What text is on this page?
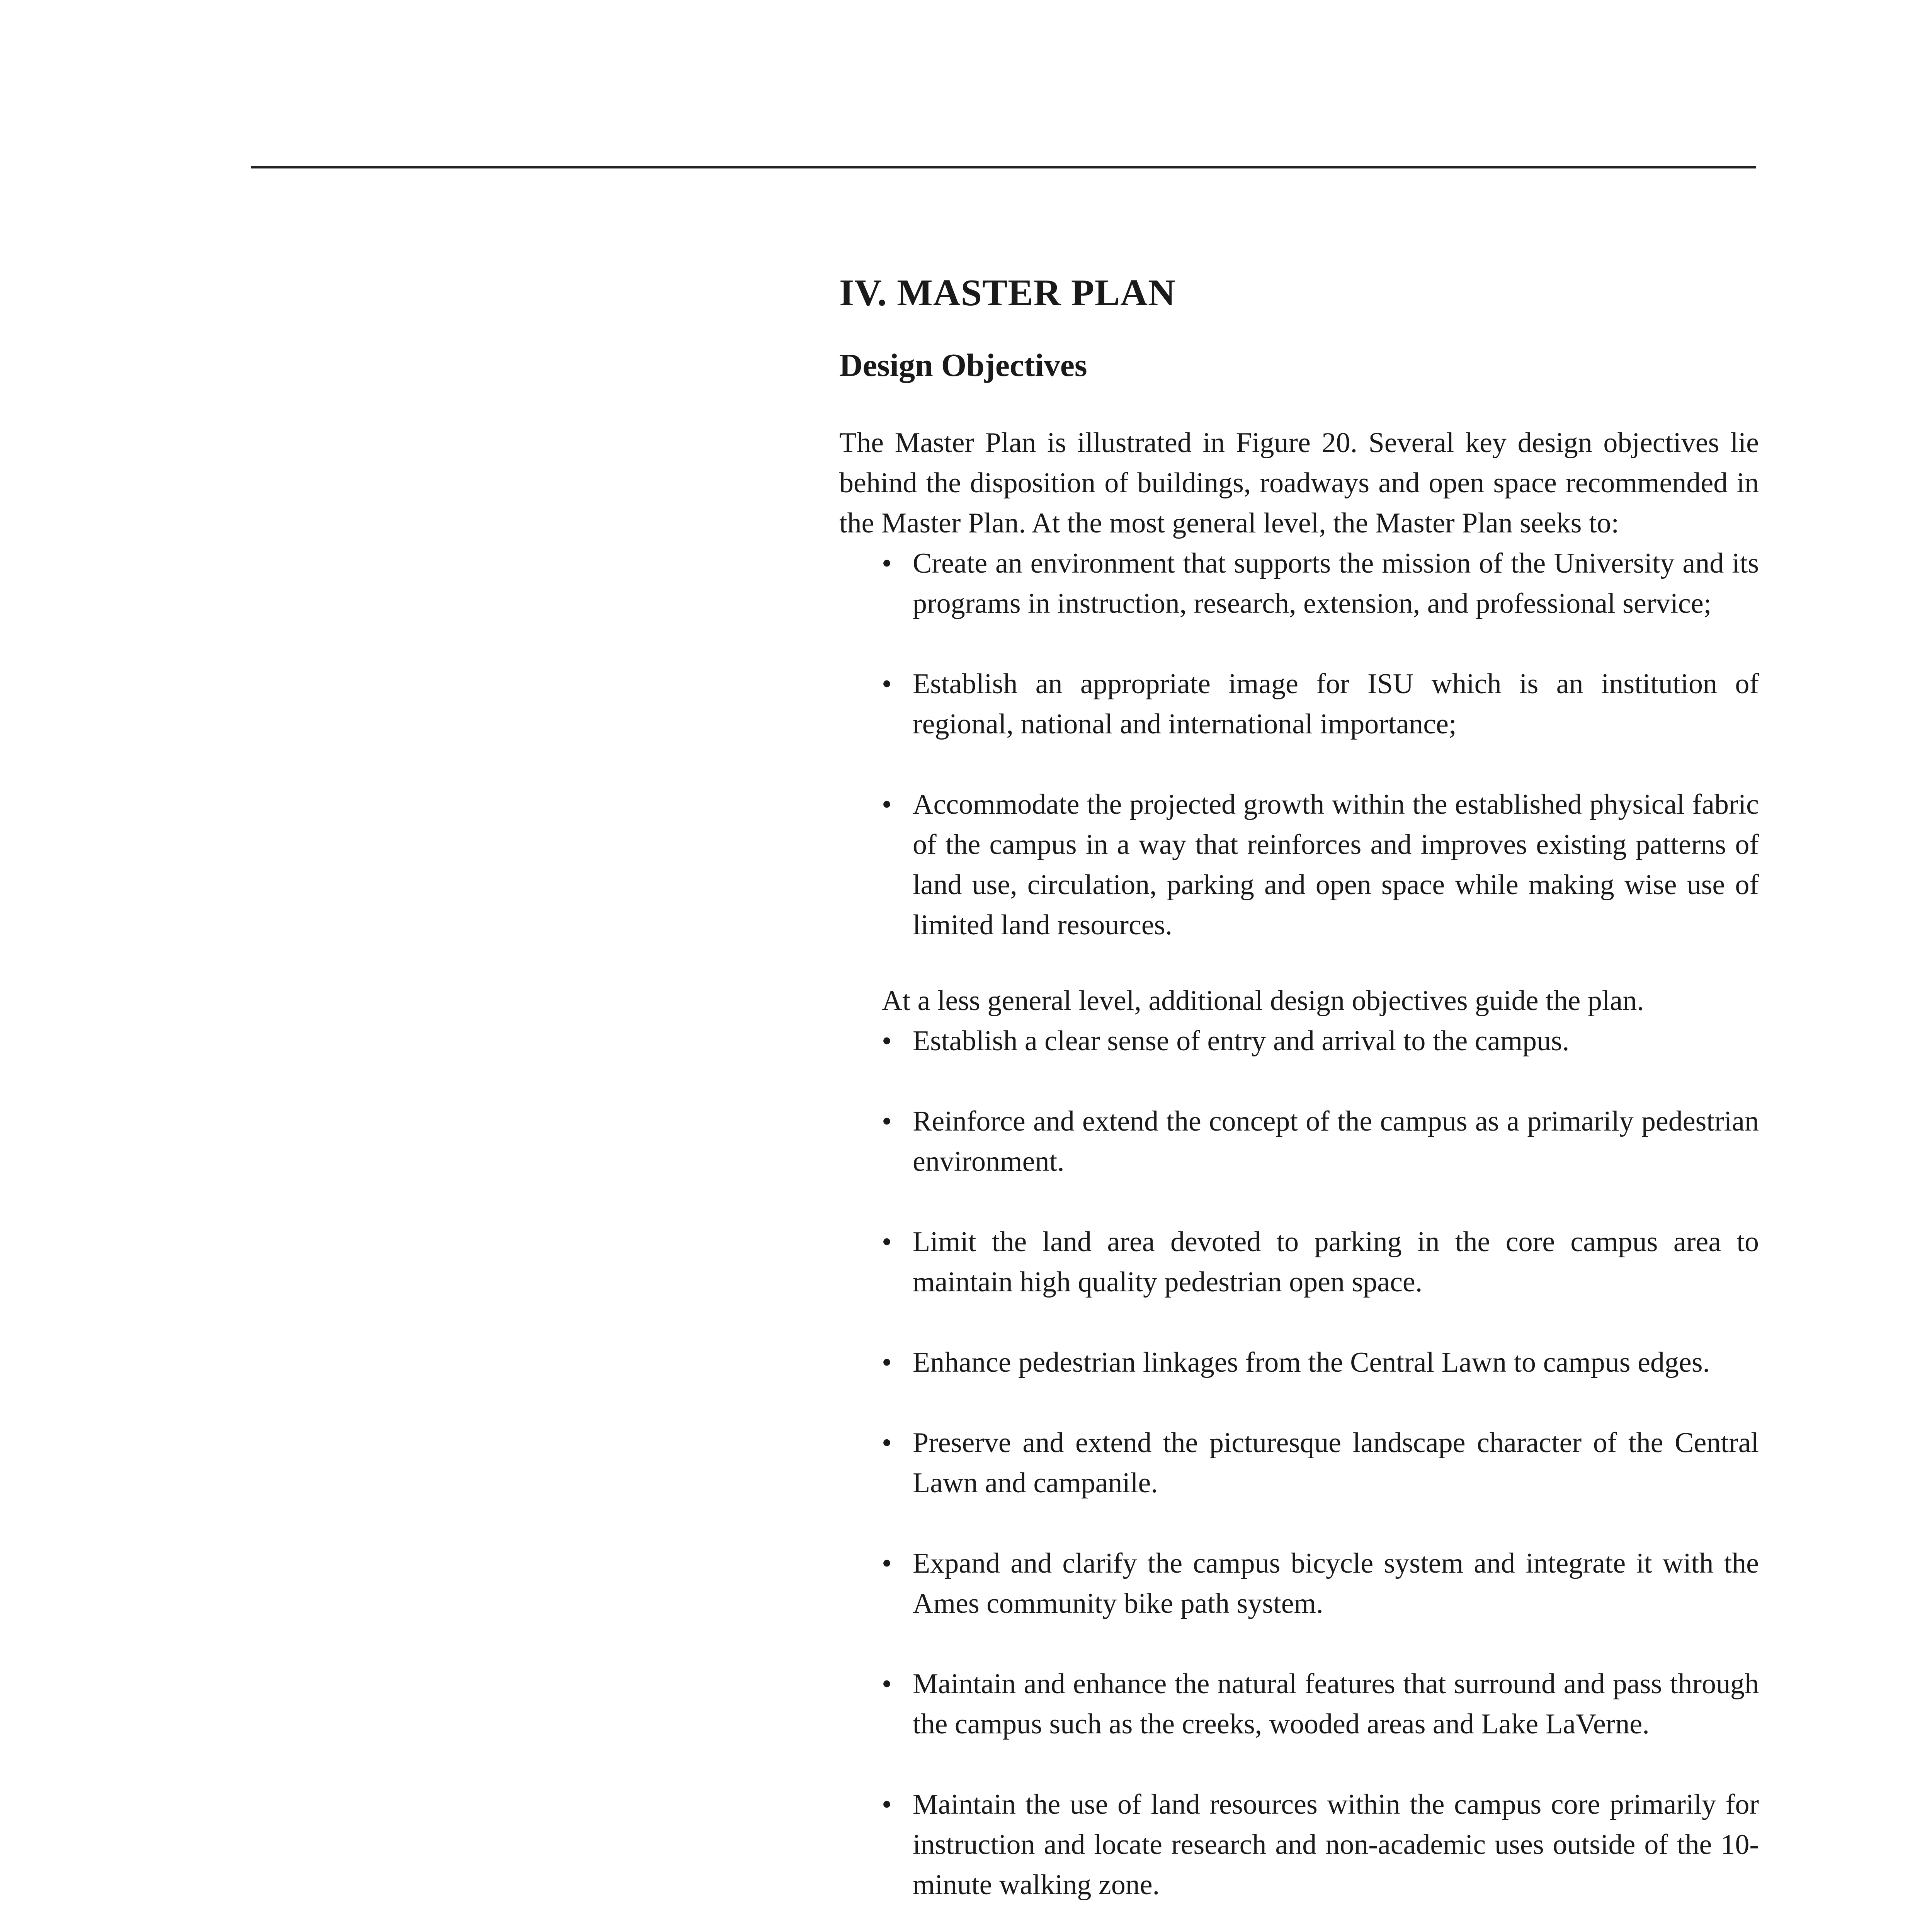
IV. MASTER PLAN
Design Objectives

The Master Plan is illustrated in Figure 20. Several key design objectives lie behind the disposition of buildings, roadways and open space recommended in the Master Plan. At the most general level, the Master Plan seeks to:

• Create an environment that supports the mission of the University and its programs in instruction, research, extension, and professional service;
• Establish an appropriate image for ISU which is an institution of regional, national and international importance;
• Accommodate the projected growth within the established physical fabric of the campus in a way that reinforces and improves existing patterns of land use, circulation, parking and open space while making wise use of limited land resources.

At a less general level, additional design objectives guide the plan.

• Establish a clear sense of entry and arrival to the campus.
• Reinforce and extend the concept of the campus as a primarily pedestrian environment.
• Limit the land area devoted to parking in the core campus area to maintain high quality pedestrian open space.
• Enhance pedestrian linkages from the Central Lawn to campus edges.
• Preserve and extend the picturesque landscape character of the Central Lawn and campanile.
• Expand and clarify the campus bicycle system and integrate it with the Ames community bike path system.
• Maintain and enhance the natural features that surround and pass through the campus such as the creeks, wooded areas and Lake LaVerne.
• Maintain the use of land resources within the campus core primarily for instruction and locate research and non-academic uses outside of the 10-minute walking zone.
